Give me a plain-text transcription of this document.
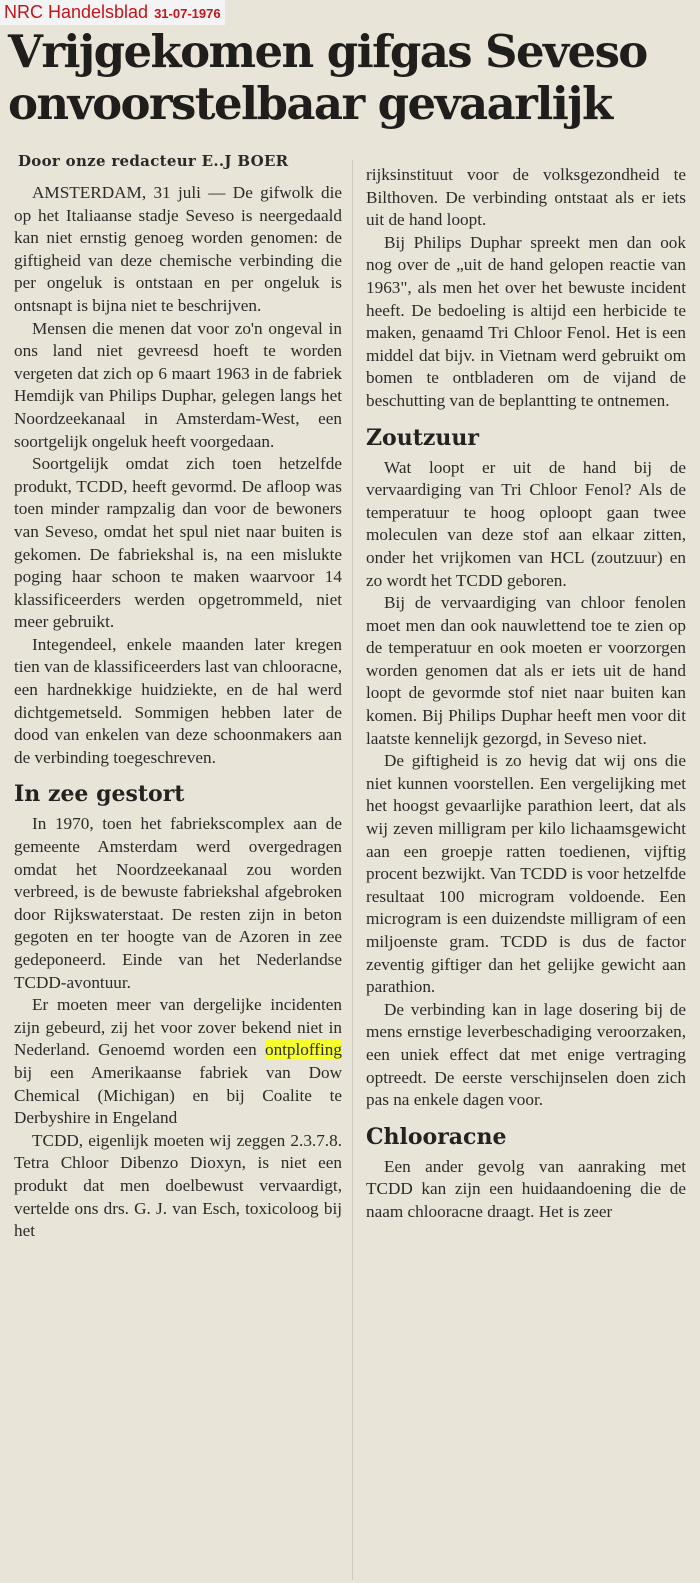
NRC Handelsblad 31-07-1976
Vrijgekomen gifgas Seveso onvoorstelbaar gevaarlijk
Door onze redacteur E..J BOER

AMSTERDAM, 31 juli — De gifwolk die op het Italiaanse stadje Seveso is neergedaald kan niet ernstig genoeg worden genomen: de giftigheid van deze chemische verbinding die per ongeluk is ontstaan en per ongeluk is ontsnapt is bijna niet te beschrijven.

Mensen die menen dat voor zo'n ongeval in ons land niet gevreesd hoeft te worden vergeten dat zich op 6 maart 1963 in de fabriek Hemdijk van Philips Duphar, gelegen langs het Noordzeekanaal in Amsterdam-West, een soortgelijk ongeluk heeft voorgedaan.

Soortgelijk omdat zich toen hetzelfde produkt, TCDD, heeft gevormd. De afloop was toen minder rampzalig dan voor de bewoners van Seveso, omdat het spul niet naar buiten is gekomen. De fabriekshal is, na een mislukte poging haar schoon te maken waarvoor 14 klassificeerders werden opgetrommeld, niet meer gebruikt.

Integendeel, enkele maanden later kregen tien van de klassificeerders last van chlooracne, een hardnekkige huidziekte, en de hal werd dichtgemetseld. Sommigen hebben later de dood van enkelen van deze schoonmakers aan de verbinding toegeschreven.

In zee gestort

In 1970, toen het fabriekscomplex aan de gemeente Amsterdam werd overgedragen omdat het Noordzeekanaal zou worden verbreed, is de bewuste fabriekshal afgebroken door Rijkswaterstaat. De resten zijn in beton gegoten en ter hoogte van de Azoren in zee gedeponeerd. Einde van het Nederlandse TCDD-avontuur.

Er moeten meer van dergelijke incidenten zijn gebeurd, zij het voor zover bekend niet in Nederland. Genoemd worden een ontploffing bij een Amerikaanse fabriek van Dow Chemical (Michigan) en bij Coalite te Derbyshire in Engeland

TCDD, eigenlijk moeten wij zeggen 2.3.7.8. Tetra Chloor Dibenzo Dioxyn, is niet een produkt dat men doelbewust vervaardigt, vertelde ons drs. G. J. van Esch, toxicoloog bij het

rijksinstituut voor de volksgezondheid te Bilthoven. De verbinding ontstaat als er iets uit de hand loopt.

Bij Philips Duphar spreekt men dan ook nog over de „uit de hand gelopen reactie van 1963", als men het over het bewuste incident heeft. De bedoeling is altijd een herbicide te maken, genaamd Tri Chloor Fenol. Het is een middel dat bijv. in Vietnam werd gebruikt om bomen te ontbladeren om de vijand de beschutting van de beplantting te ontnemen.

Zoutzuur

Wat loopt er uit de hand bij de vervaardiging van Tri Chloor Fenol? Als de temperatuur te hoog oploopt gaan twee moleculen van deze stof aan elkaar zitten, onder het vrijkomen van HCL (zoutzuur) en zo wordt het TCDD geboren.

Bij de vervaardiging van chloor fenolen moet men dan ook nauwlettend toe te zien op de temperatuur en ook moeten er voorzorgen worden genomen dat als er iets uit de hand loopt de gevormde stof niet naar buiten kan komen. Bij Philips Duphar heeft men voor dit laatste kennelijk gezorgd, in Seveso niet.

De giftigheid is zo hevig dat wij ons die niet kunnen voorstellen. Een vergelijking met het hoogst gevaarlijke parathion leert, dat als wij zeven milligram per kilo lichaamsgewicht aan een groepje ratten toedienen, vijftig procent bezwijkt. Van TCDD is voor hetzelfde resultaat 100 microgram voldoende. Een microgram is een duizendste milligram of een miljoenste gram. TCDD is dus de factor zeventig giftiger dan het gelijke gewicht aan parathion.

De verbinding kan in lage dosering bij de mens ernstige leverbeschadiging veroorzaken, een uniek effect dat met enige vertraging optreedt. De eerste verschijnselen doen zich pas na enkele dagen voor.

Chlooracne

Een ander gevolg van aanraking met TCDD kan zijn een huidaandoening die de naam chlooracne draagt. Het is zeer
